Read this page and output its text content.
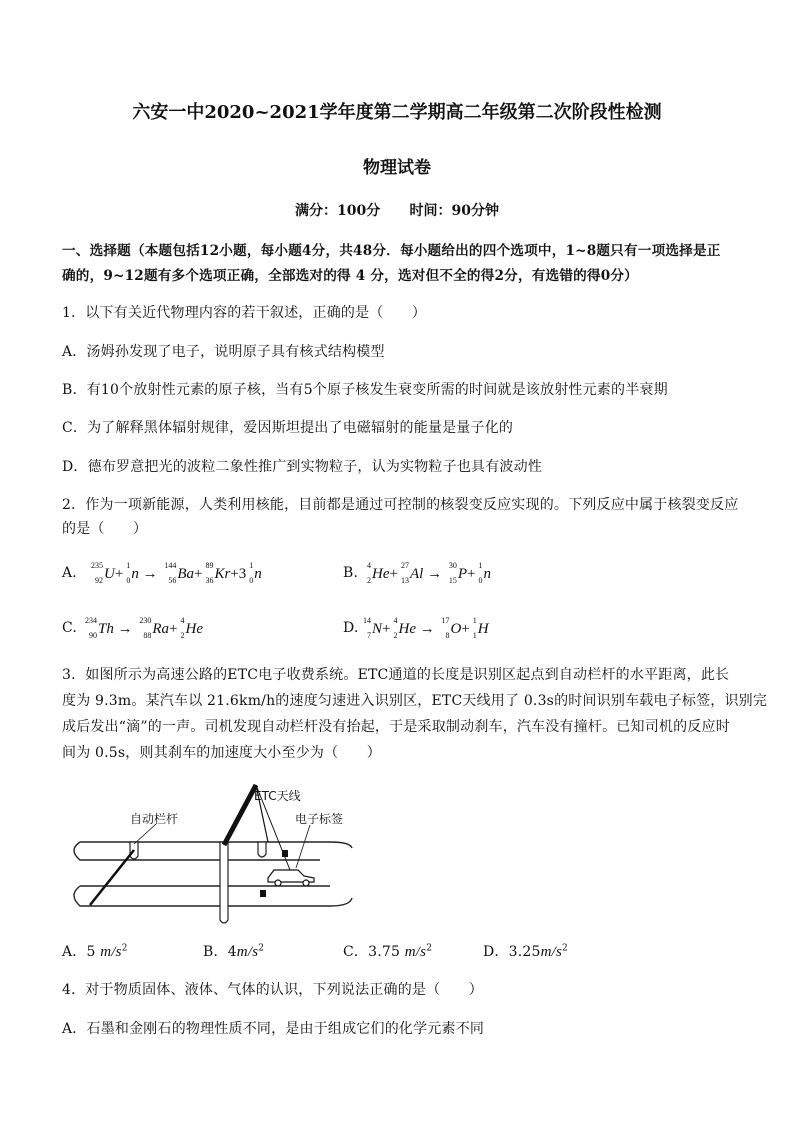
六安一中2020~2021学年度第二学期高二年级第二次阶段性检测
物理试卷
满分：100分      时间：90分钟
一、选择题（本题包括12小题，每小题4分，共48分．每小题给出的四个选项中，1~8题只有一项选择是正
确的，9~12题有多个选项正确，全部选对的得 4 分，选对但不全的得2分，有选错的得0分）
1．以下有关近代物理内容的若干叙述，正确的是（　　）
A．汤姆孙发现了电子，说明原子具有核式结构模型
B．有10个放射性元素的原子核，当有5个原子核发生衰变所需的时间就是该放射性元素的半衰期
C．为了解释黑体辐射规律，爱因斯坦提出了电磁辐射的能量是量子化的
D．德布罗意把光的波粒二象性推广到实物粒子，认为实物粒子也具有波动性
2．作为一项新能源，人类利用核能，目前都是通过可控制的核裂变反应实现的。下列反应中属于核裂变反应
的是（　　）
A. 235
92 U+
1
0 n →
144
56 Ba+
89
36 Kr+3
1
0 n	B. 4
2 He+
27
13 Al →
30
15 P+
1
0 n
C. 234
90 Th →
230
88 Ra+
4
2 He	D. 14
7 N+
4
2 He →
17
8 O+
1
1 H
3．如图所示为高速公路的ETC电子收费系统。ETC通道的长度是识别区起点到自动栏杆的水平距离，此长
度为 9.3m。某汽车以 21.6km/h的速度匀速进入识别区，ETC天线用了 0.3s的时间识别车载电子标签，识别完
成后发出“滴”的一声。司机发现自动栏杆没有抬起，于是采取制动刹车，汽车没有撞杆。已知司机的反应时
间为 0.5s，则其刹车的加速度大小至少为（　　）
ETC天线
自动栏杆	电子标签
A．5 $m/s^2$	B．$4m/s^2$	C．3.75 $m/s^2$	D．$3.25m/s^2$
4．对于物质固体、液体、气体的认识，下列说法正确的是（　　）
A．石墨和金刚石的物理性质不同，是由于组成它们的化学元素不同
